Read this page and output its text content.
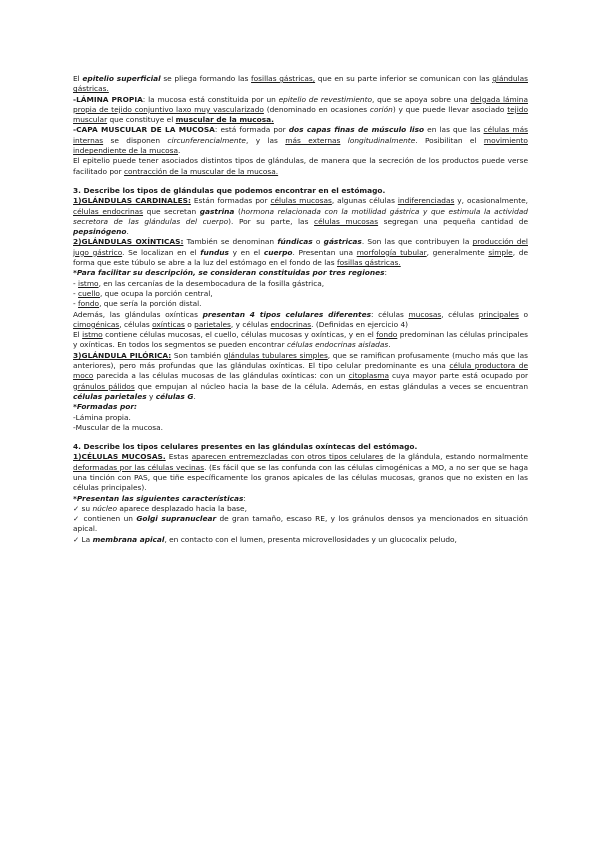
El epitelio superficial se pliega formando las fosillas gástricas, que en su parte inferior se comunican con las glándulas gástricas.

-LÁMINA PROPIA: la mucosa está constituida por un epitelio de revestimiento, que se apoya sobre una delgada lámina propia de tejido conjuntivo laxo muy vascularizado (denominado en ocasiones corión) y que puede llevar asociado tejido muscular que constituye el muscular de la mucosa.

-CAPA MUSCULAR DE LA MUCOSA: está formada por dos capas finas de músculo liso en las que las células más internas se disponen circunferencialmente, y las más externas longitudinalmente. Posibilitan el movimiento independiente de la mucosa.

El epitelio puede tener asociados distintos tipos de glándulas, de manera que la secreción de los productos puede verse facilitado por contracción de la muscular de la mucosa.

3. Describe los tipos de glándulas que podemos encontrar en el estómago.

1)GLÁNDULAS CARDINALES: Están formadas por células mucosas, algunas células indiferenciadas y, ocasionalmente, células endocrinas que secretan gastrina (hormona relacionada con la motilidad gástrica y que estimula la actividad secretora de las glándulas del cuerpo). Por su parte, las células mucosas segregan una pequeña cantidad de pepsinógeno.

2)GLÁNDULAS OXÍNTICAS: También se denominan fúndicas o gástricas. Son las que contribuyen la producción del jugo gástrico. Se localizan en el fundus y en el cuerpo. Presentan una morfología tubular, generalmente simple, de forma que este túbulo se abre a la luz del estómago en el fondo de las fosillas gástricas.

*Para facilitar su descripción, se consideran constituidas por tres regiones:

- istmo, en las cercanías de la desembocadura de la fosilla gástrica,

- cuello, que ocupa la porción central,

- fondo, que sería la porción distal.

Además, las glándulas oxínticas presentan 4 tipos celulares diferentes: células mucosas, células principales o cimogénicas, células oxínticas o parietales, y células endocrinas. (Definidas en ejercicio 4)

El istmo contiene células mucosas, el cuello, células mucosas y oxínticas, y en el fondo predominan las células principales y oxínticas. En todos los segmentos se pueden encontrar células endocrinas aisladas.

3)GLÁNDULA PILÓRICA: Son también glándulas tubulares simples, que se ramifican profusamente (mucho más que las anteriores), pero más profundas que las glándulas oxínticas. El tipo celular predominante es una célula productora de moco parecida a las células mucosas de las glándulas oxínticas: con un citoplasma cuya mayor parte está ocupado por gránulos pálidos que empujan al núcleo hacia la base de la célula. Además, en estas glándulas a veces se encuentran células parietales y células G.

*Formadas por:

-Lámina propia.

-Muscular de la mucosa.

4. Describe los tipos celulares presentes en las glándulas oxíntecas del estómago.

1)CÉLULAS MUCOSAS. Estas aparecen entremezcladas con otros tipos celulares de la glándula, estando normalmente deformadas por las células vecinas. (Es fácil que se las confunda con las células cimogénicas a MO, a no ser que se haga una tinción con PAS, que tiñe específicamente los granos apicales de las células mucosas, granos que no existen en las células principales).

*Presentan las siguientes características:

✓ su núcleo aparece desplazado hacia la base,

✓ contienen un Golgi supranuclear de gran tamaño, escaso RE, y los gránulos densos ya mencionados en situación apical.

✓ La membrana apical, en contacto con el lumen, presenta microvellosidades y un glucocalix peludo,
